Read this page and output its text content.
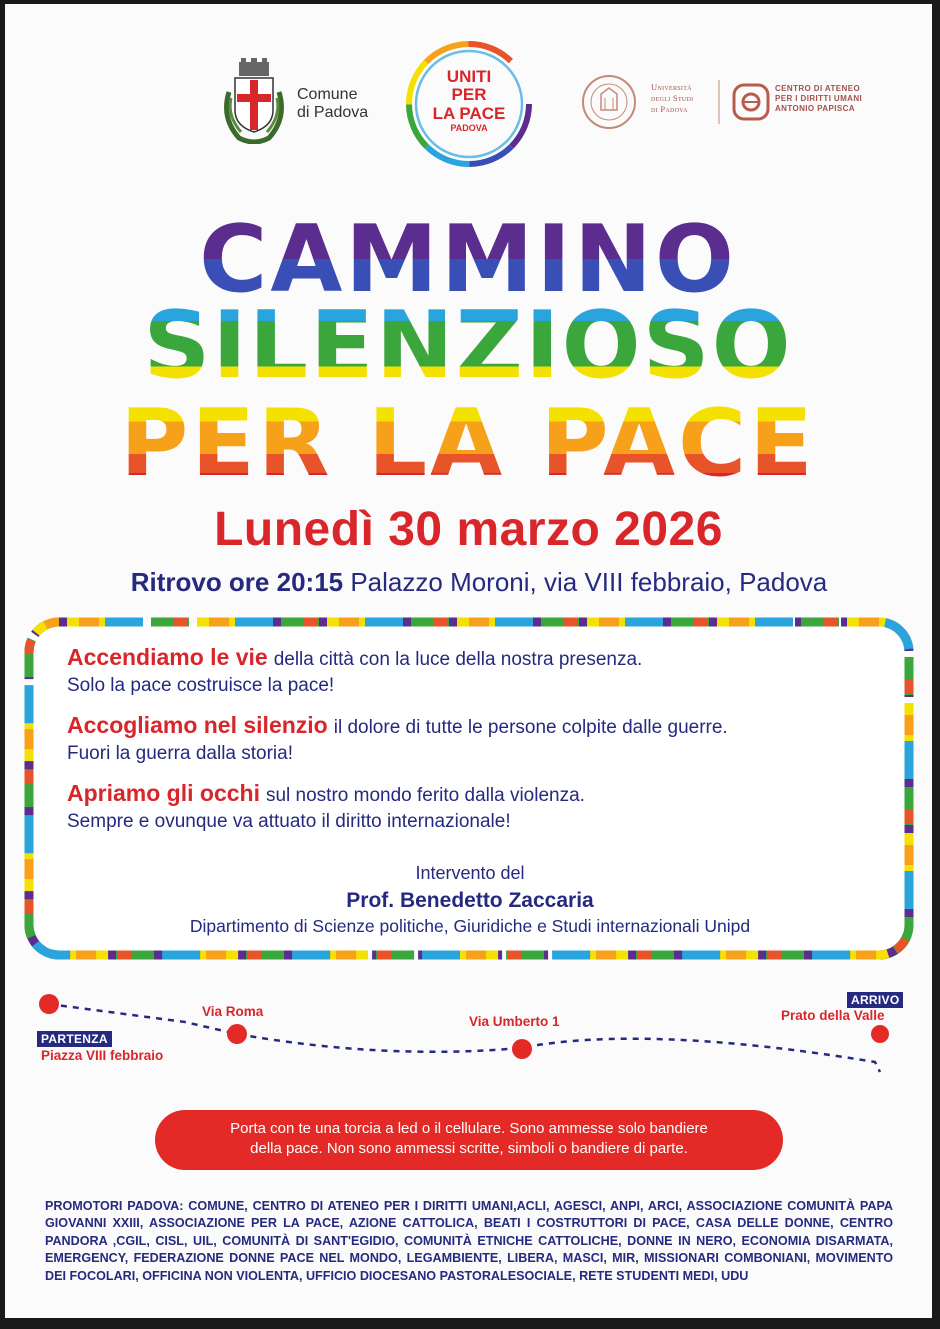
Comune
di Padova
UNITI
PER
LA PACE
PADOVA
Università
degli Studi
di Padova
CENTRO DI ATENEO
PER I DIRITTI UMANI
ANTONIO PAPISCA
CAMMINO
SILENZIOSO
PER LA PACE
Lunedì 30 marzo 2026
Ritrovo ore 20:15 Palazzo Moroni, via VIII febbraio, Padova
Accendiamo le vie della città con la luce della nostra presenza.
Solo la pace costruisce la pace!
Accogliamo nel silenzio il dolore di tutte le persone colpite dalle guerre.
Fuori la guerra dalla storia!
Apriamo gli occhi sul nostro mondo ferito dalla violenza.
Sempre e ovunque va attuato il diritto internazionale!
Intervento del
Prof. Benedetto Zaccaria
Dipartimento di Scienze politiche, Giuridiche e Studi internazionali Unipd
PARTENZA
Piazza VIII febbraio
Via Roma
Via Umberto 1
ARRIVO
Prato della Valle
Porta con te una torcia a led o il cellulare. Sono ammesse solo bandiere
della pace. Non sono ammessi scritte, simboli o bandiere di parte.
PROMOTORI PADOVA: COMUNE, CENTRO DI ATENEO PER I DIRITTI UMANI,ACLI, AGESCI, ANPI, ARCI, ASSOCIAZIONE COMUNITÀ PAPA GIOVANNI XXIII, ASSOCIAZIONE PER LA PACE, AZIONE CATTOLICA, BEATI I COSTRUTTORI DI PACE, CASA DELLE DONNE, CENTRO PANDORA ,CGIL, CISL, UIL, COMUNITÀ DI SANT'EGIDIO, COMUNITÀ ETNICHE CATTOLICHE, DONNE IN NERO, ECONOMIA DISARMATA, EMERGENCY, FEDERAZIONE DONNE PACE NEL MONDO, LEGAMBIENTE, LIBERA, MASCI, MIR, MISSIONARI COMBONIANI, MOVIMENTO DEI FOCOLARI, OFFICINA NON VIOLENTA, UFFICIO DIOCESANO PASTORALESOCIALE, RETE STUDENTI MEDI, UDU
